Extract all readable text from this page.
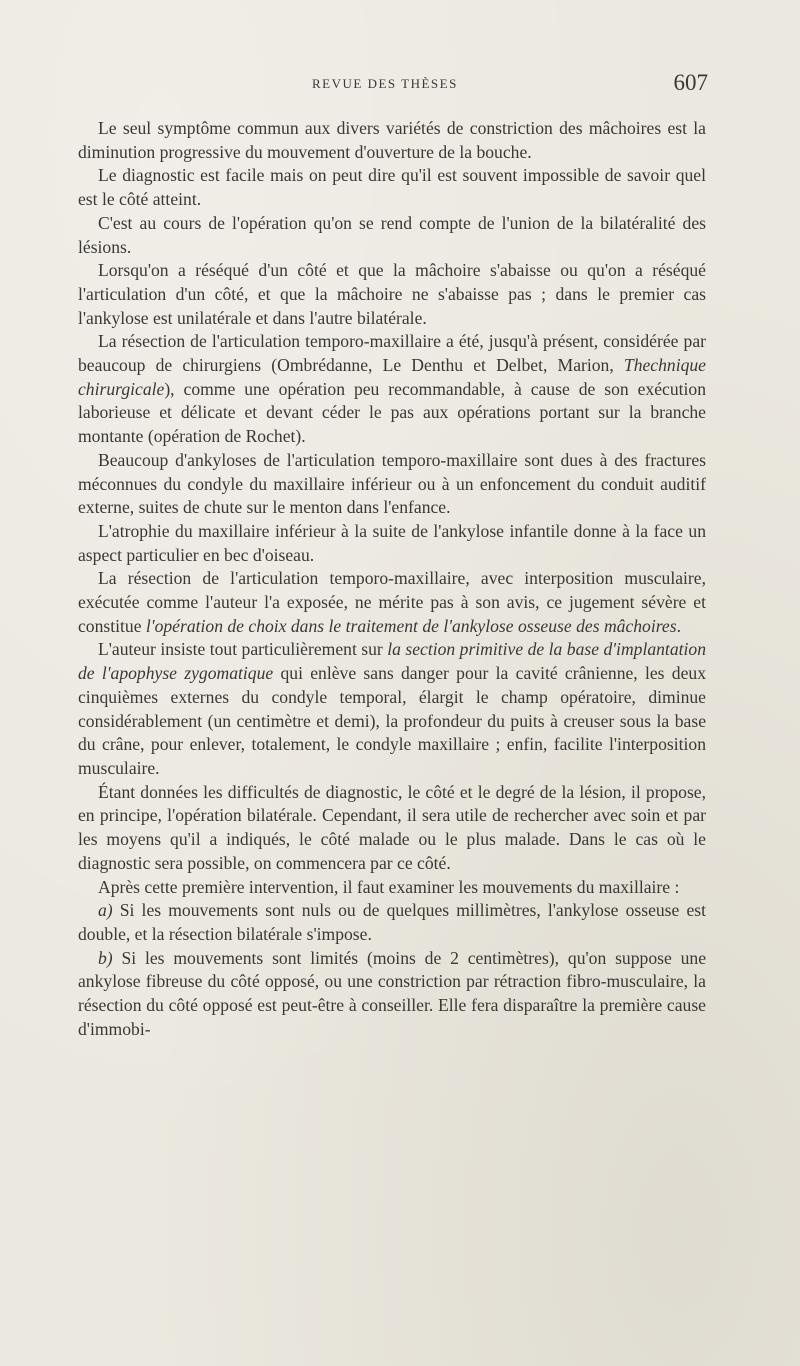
REVUE DES THÈSES	607

Le seul symptôme commun aux divers variétés de constriction des mâchoires est la diminution progressive du mouvement d'ouverture de la bouche.

Le diagnostic est facile mais on peut dire qu'il est souvent impossible de savoir quel est le côté atteint.

C'est au cours de l'opération qu'on se rend compte de l'union de la bilatéralité des lésions.

Lorsqu'on a réséqué d'un côté et que la mâchoire s'abaisse ou qu'on a réséqué l'articulation d'un côté, et que la mâchoire ne s'abaisse pas ; dans le premier cas l'ankylose est unilatérale et dans l'autre bilatérale.

La résection de l'articulation temporo-maxillaire a été, jusqu'à présent, considérée par beaucoup de chirurgiens (Ombrédanne, Le Denthu et Delbet, Marion, Thechnique chirurgicale), comme une opération peu recommandable, à cause de son exécution laborieuse et délicate et devant céder le pas aux opérations portant sur la branche montante (opération de Rochet).

Beaucoup d'ankyloses de l'articulation temporo-maxillaire sont dues à des fractures méconnues du condyle du maxillaire inférieur ou à un enfoncement du conduit auditif externe, suites de chute sur le menton dans l'enfance.

L'atrophie du maxillaire inférieur à la suite de l'ankylose infantile donne à la face un aspect particulier en bec d'oiseau.

La résection de l'articulation temporo-maxillaire, avec interposition musculaire, exécutée comme l'auteur l'a exposée, ne mérite pas à son avis, ce jugement sévère et constitue l'opération de choix dans le traitement de l'ankylose osseuse des mâchoires.

L'auteur insiste tout particulièrement sur la section primitive de la base d'implantation de l'apophyse zygomatique qui enlève sans danger pour la cavité crânienne, les deux cinquièmes externes du condyle temporal, élargit le champ opératoire, diminue considérablement (un centimètre et demi), la profondeur du puits à creuser sous la base du crâne, pour enlever, totalement, le condyle maxillaire ; enfin, facilite l'interposition musculaire.

Étant données les difficultés de diagnostic, le côté et le degré de la lésion, il propose, en principe, l'opération bilatérale. Cependant, il sera utile de rechercher avec soin et par les moyens qu'il a indiqués, le côté malade ou le plus malade. Dans le cas où le diagnostic sera possible, on commencera par ce côté.

Après cette première intervention, il faut examiner les mouvements du maxillaire :

a) Si les mouvements sont nuls ou de quelques millimètres, l'ankylose osseuse est double, et la résection bilatérale s'impose.

b) Si les mouvements sont limités (moins de 2 centimètres), qu'on suppose une ankylose fibreuse du côté opposé, ou une constriction par rétraction fibro-musculaire, la résection du côté opposé est peut-être à conseiller. Elle fera disparaître la première cause d'immobi-
